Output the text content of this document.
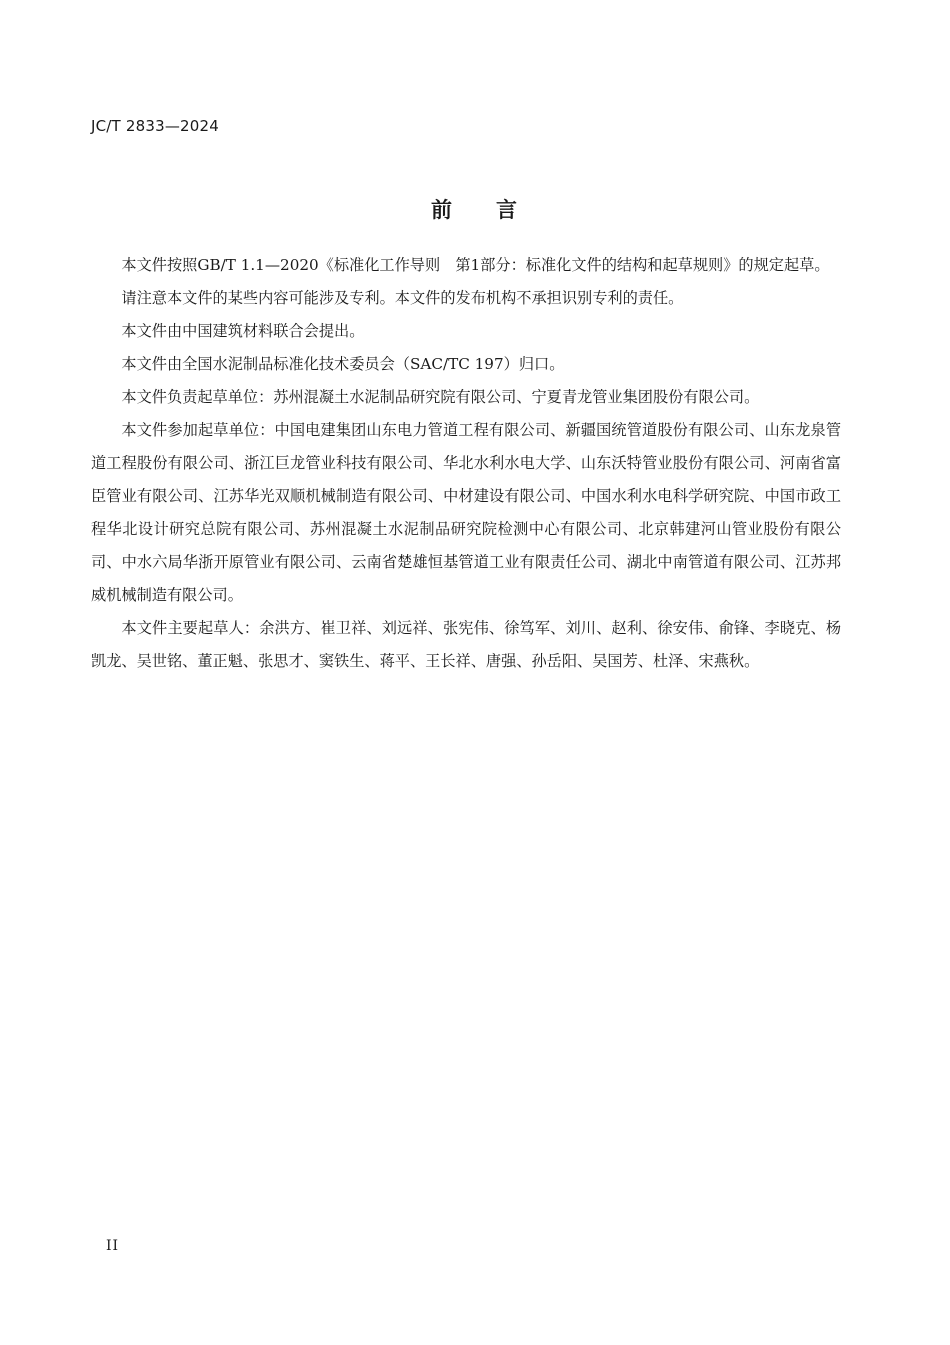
JC/T 2833—2024
前 言

本文件按照GB/T 1.1—2020《标准化工作导则　第1部分：标准化文件的结构和起草规则》的规定起草。

请注意本文件的某些内容可能涉及专利。本文件的发布机构不承担识别专利的责任。

本文件由中国建筑材料联合会提出。

本文件由全国水泥制品标准化技术委员会（SAC/TC 197）归口。

本文件负责起草单位：苏州混凝土水泥制品研究院有限公司、宁夏青龙管业集团股份有限公司。

本文件参加起草单位：中国电建集团山东电力管道工程有限公司、新疆国统管道股份有限公司、山东龙泉管道工程股份有限公司、浙江巨龙管业科技有限公司、华北水利水电大学、山东沃特管业股份有限公司、河南省富臣管业有限公司、江苏华光双顺机械制造有限公司、中材建设有限公司、中国水利水电科学研究院、中国市政工程华北设计研究总院有限公司、苏州混凝土水泥制品研究院检测中心有限公司、北京韩建河山管业股份有限公司、中水六局华浙开原管业有限公司、云南省楚雄恒基管道工业有限责任公司、湖北中南管道有限公司、江苏邦威机械制造有限公司。

本文件主要起草人：余洪方、崔卫祥、刘远祥、张宪伟、徐笃军、刘川、赵利、徐安伟、俞锋、李晓克、杨凯龙、吴世铭、董正魁、张思才、窦铁生、蒋平、王长祥、唐强、孙岳阳、吴国芳、杜泽、宋燕秋。

II
